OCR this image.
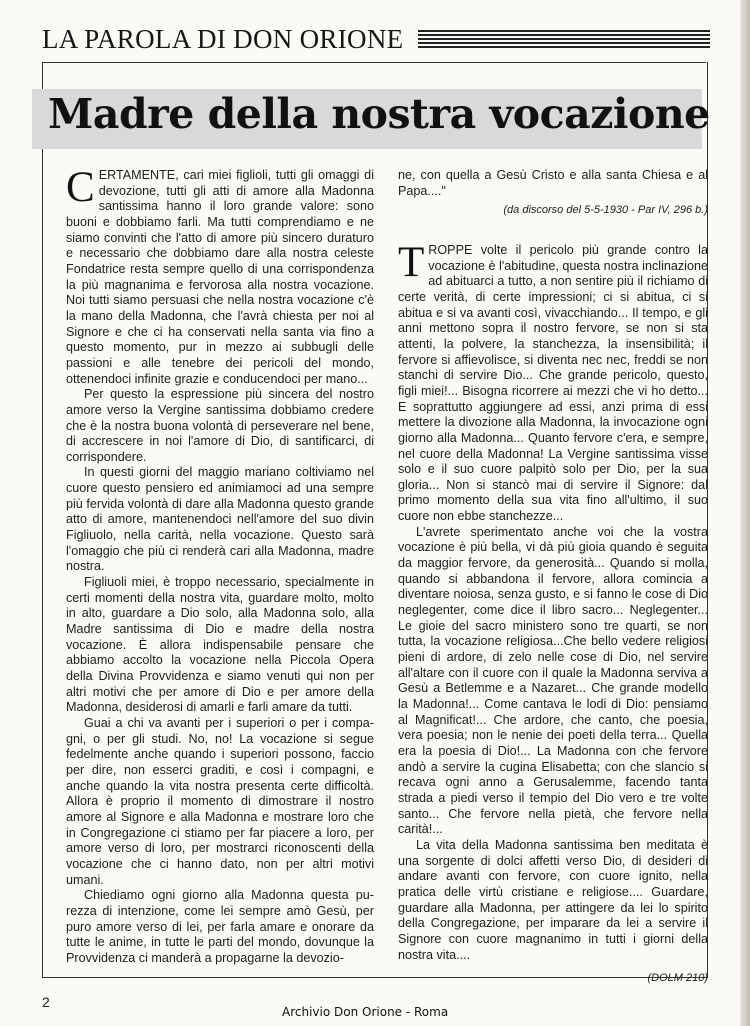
LA PAROLA DI DON ORIONE
Madre della nostra vocazione

CERTAMENTE, cari miei figlioli, tutti gli omaggi di devozione, tutti gli atti di amore alla Madonna santissima hanno il loro grande valore: sono buoni e dobbiamo farli. Ma tutti comprendiamo e ne siamo convinti che l'atto di amore più sincero duraturo e necessario che dobbiamo dare alla nostra celeste Fondatrice resta sempre quello di una corrispondenza la più magnanima e fervorosa alla nostra vocazione. Noi tutti siamo persuasi che nella nostra vocazione c'è la mano della Madonna, che l'avrà chiesta per noi al Signore e che ci ha conservati nella santa via fino a questo momento, pur in mezzo ai subbugli delle passioni e alle tenebre dei pericoli del mondo, ottenendoci infinite grazie e conducendoci per mano...

Per questo la espressione più sincera del nostro amore verso la Vergine santissima dobbiamo credere che è la nostra buona volontà di perseverare nel bene, di accrescere in noi l'amore di Dio, di santificarci, di corrispondere.

In questi giorni del maggio mariano coltiviamo nel cuore questo pensiero ed animiamoci ad una sempre più fervida volontà di dare alla Madonna questo grande atto di amore, mantenendoci nell'amore del suo divin Figliuolo, nella carità, nella vocazione. Questo sarà l'omaggio che più ci renderà cari alla Madonna, madre nostra.

Figliuoli miei, è troppo necessario, specialmente in certi momenti della nostra vita, guardare molto, molto in alto, guardare a Dio solo, alla Madonna solo, alla Madre santissima di Dio e madre della nostra vocazione. È allora indispensabile pensare che abbiamo accolto la vocazione nella Piccola Opera della Divina Provvidenza e siamo venuti qui non per altri motivi che per amore di Dio e per amore della Madonna, desiderosi di amarli e farli amare da tutti.

Guai a chi va avanti per i superiori o per i compagni, o per gli studi. No, no! La vocazione si segue fedelmente anche quando i superiori possono, faccio per dire, non esserci graditi, e così i compagni, e anche quando la vita nostra presenta certe difficoltà. Allora è proprio il momento di dimostrare il nostro amore al Signore e alla Madonna e mostrare loro che in Congregazione ci stiamo per far piacere a loro, per amore verso di loro, per mostrarci riconoscenti della vocazione che ci hanno dato, non per altri motivi umani.

Chiediamo ogni giorno alla Madonna questa purezza di intenzione, come lei sempre amò Gesù, per puro amore verso di lei, per farla amare e onorare da tutte le anime, in tutte le parti del mondo, dovunque la Provvidenza ci manderà a propagarne la devozio-

ne, con quella a Gesù Cristo e alla santa Chiesa e al Papa...."

(da discorso del 5-5-1930 - Par IV, 296 b.)

TROPPE volte il pericolo più grande contro la vocazione è l'abitudine, questa nostra inclinazione ad abituarci a tutto, a non sentire più il richiamo di certe verità, di certe impressioni; ci si abitua, ci si abitua e si va avanti così, vivacchiando... Il tempo, e gli anni mettono sopra il nostro fervore, se non si sta attenti, la polvere, la stanchezza, la insensibilità; il fervore si affievolisce, si diventa nec nec, freddi se non stanchi di servire Dio... Che grande pericolo, questo, figli miei!... Bisogna ricorrere ai mezzi che vi ho detto... E soprattutto aggiungere ad essi, anzi prima di essi mettere la divozione alla Madonna, la invocazione ogni giorno alla Madonna... Quanto fervore c'era, e sempre, nel cuore della Madonna! La Vergine santissima visse solo e il suo cuore palpitò solo per Dio, per la sua gloria... Non si stancò mai di servire il Signore: dal primo momento della sua vita fino all'ultimo, il suo cuore non ebbe stanchezze...

L'avrete sperimentato anche voi che la vostra vocazione è più bella, vi dà più gioia quando è seguita da maggior fervore, da generosità... Quando si molla, quando si abbandona il fervore, allora comincia a diventare noiosa, senza gusto, e si fanno le cose di Dio neglegenter, come dice il libro sacro... Neglegenter... Le gioie del sacro ministero sono tre quarti, se non tutta, la vocazione religiosa...Che bello vedere religiosi pieni di ardore, di zelo nelle cose di Dio, nel servire all'altare con il cuore con il quale la Madonna serviva a Gesù a Betlemme e a Nazaret... Che grande modello la Madonna!... Come cantava le lodi di Dio: pensiamo al Magnificat!... Che ardore, che canto, che poesia, vera poesia; non le nenie dei poeti della terra... Quella era la poesia di Dio!... La Madonna con che fervore andò a servire la cugina Elisabetta; con che slancio si recava ogni anno a Gerusalemme, facendo tanta strada a piedi verso il tempio del Dio vero e tre volte santo... Che fervore nella pietà, che fervore nella carità!...

La vita della Madonna santissima ben meditata è una sorgente di dolci affetti verso Dio, di desideri di andare avanti con fervore, con cuore ignito, nella pratica delle virtù cristiane e religiose.... Guardare, guardare alla Madonna, per attingere da lei lo spirito della Congregazione, per imparare da lei a servire il Signore con cuore magnanimo in tutti i giorni della nostra vita....

(DOLM 210)
2
Archivio Don Orione - Roma
